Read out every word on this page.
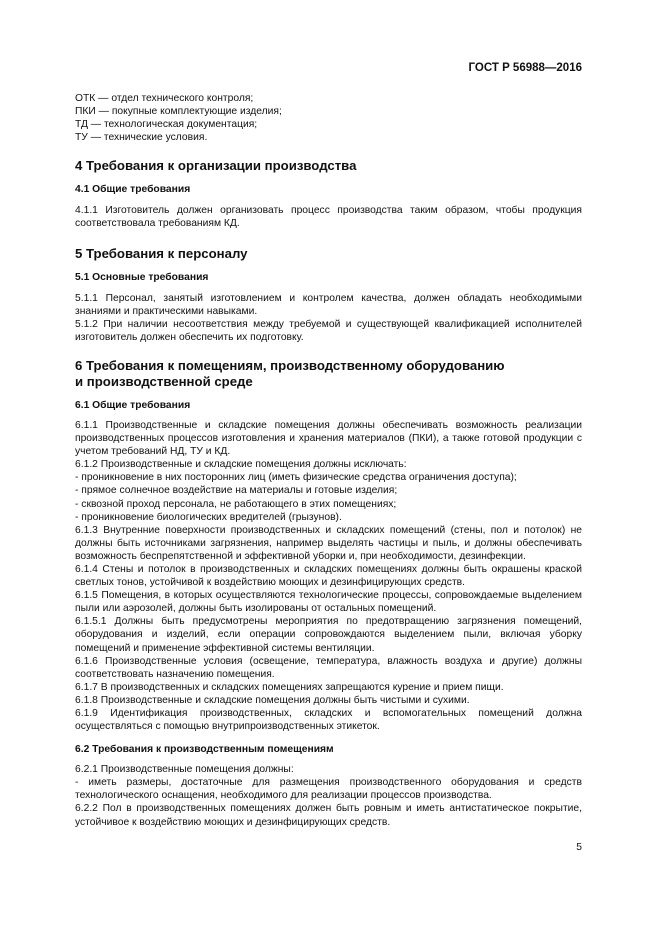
ГОСТ Р 56988—2016

ОТК — отдел технического контроля;

ПКИ — покупные комплектующие изделия;

ТД — технологическая документация;

ТУ — технические условия.

4 Требования к организации производства
4.1 Общие требования

4.1.1 Изготовитель должен организовать процесс производства таким образом, чтобы продукция соответствовала требованиям КД.

5 Требования к персоналу
5.1 Основные требования

5.1.1 Персонал, занятый изготовлением и контролем качества, должен обладать необходимыми знаниями и практическими навыками.

5.1.2 При наличии несоответствия между требуемой и существующей квалификацией исполнителей изготовитель должен обеспечить их подготовку.

6 Требования к помещениям, производственному оборудованию
и производственной среде
6.1 Общие требования

6.1.1 Производственные и складские помещения должны обеспечивать возможность реализации производственных процессов изготовления и хранения материалов (ПКИ), а также готовой продукции с учетом требований НД, ТУ и КД.

6.1.2 Производственные и складские помещения должны исключать:

- проникновение в них посторонних лиц (иметь физические средства ограничения доступа);

- прямое солнечное воздействие на материалы и готовые изделия;

- сквозной проход персонала, не работающего в этих помещениях;

- проникновение биологических вредителей (грызунов).

6.1.3 Внутренние поверхности производственных и складских помещений (стены, пол и потолок) не должны быть источниками загрязнения, например выделять частицы и пыль, и должны обеспечивать возможность беспрепятственной и эффективной уборки и, при необходимости, дезинфекции.

6.1.4 Стены и потолок в производственных и складских помещениях должны быть окрашены краской светлых тонов, устойчивой к воздействию моющих и дезинфицирующих средств.

6.1.5 Помещения, в которых осуществляются технологические процессы, сопровождаемые выделением пыли или аэрозолей, должны быть изолированы от остальных помещений.

6.1.5.1 Должны быть предусмотрены мероприятия по предотвращению загрязнения помещений, оборудования и изделий, если операции сопровождаются выделением пыли, включая уборку помещений и применение эффективной системы вентиляции.

6.1.6 Производственные условия (освещение, температура, влажность воздуха и другие) должны соответствовать назначению помещения.

6.1.7 В производственных и складских помещениях запрещаются курение и прием пищи.

6.1.8 Производственные и складские помещения должны быть чистыми и сухими.

6.1.9 Идентификация производственных, складских и вспомогательных помещений должна осуществляться с помощью внутрипроизводственных этикеток.

6.2 Требования к производственным помещениям

6.2.1 Производственные помещения должны:

- иметь размеры, достаточные для размещения производственного оборудования и средств технологического оснащения, необходимого для реализации процессов производства.

6.2.2 Пол в производственных помещениях должен быть ровным и иметь антистатическое покрытие, устойчивое к воздействию моющих и дезинфицирующих средств.

5
